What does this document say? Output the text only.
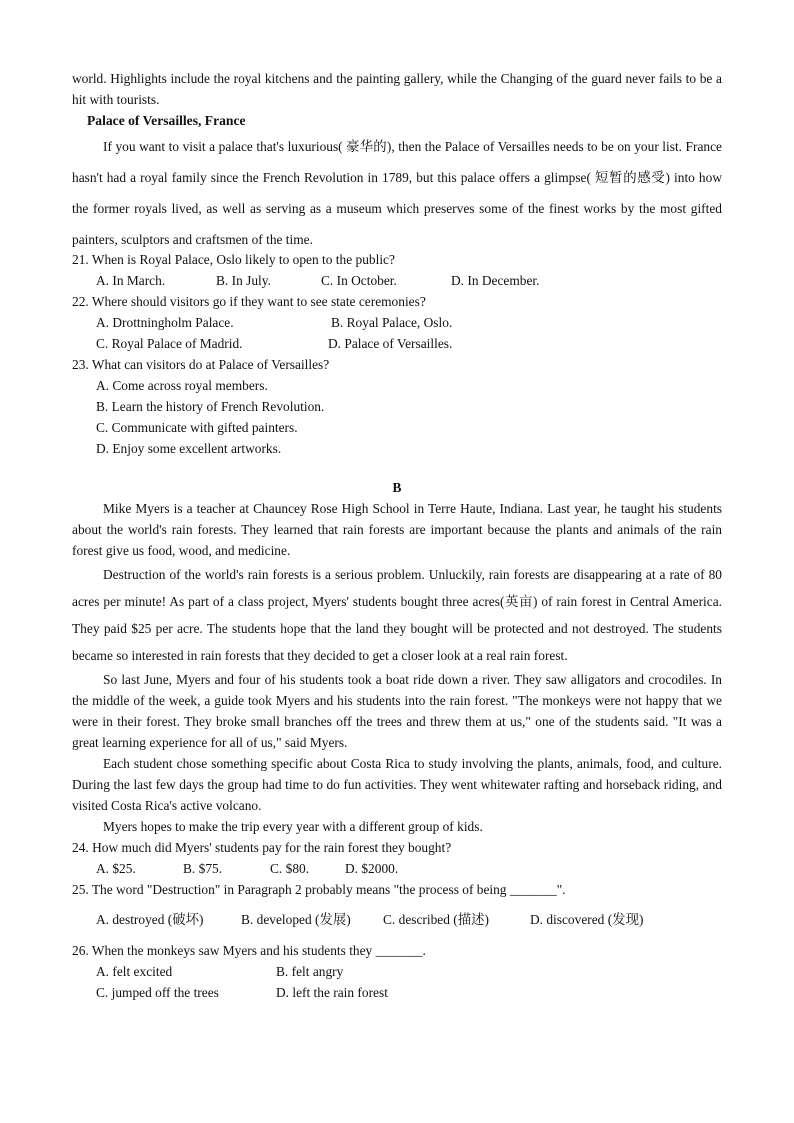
world. Highlights include the royal kitchens and the painting gallery, while the Changing of the guard never fails to be a hit with tourists.

Palace of Versailles, France

If you want to visit a palace that's luxurious( 豪华的), then the Palace of Versailles needs to be on your list. France hasn't had a royal family since the French Revolution in 1789, but this palace offers a glimpse( 短暂的感受) into how the former royals lived, as well as serving as a museum which preserves some of the finest works by the most gifted painters, sculptors and craftsmen of the time.

21. When is Royal Palace, Oslo likely to open to the public?

A. In March.	B. In July.	C. In October.	D. In December.

22. Where should visitors go if they want to see state ceremonies?

A. Drottningholm Palace.	B. Royal Palace, Oslo.
C. Royal Palace of Madrid.	D. Palace of Versailles.

23. What can visitors do at Palace of Versailles?

A. Come across royal members.

B. Learn the history of French Revolution.

C. Communicate with gifted painters.

D. Enjoy some excellent artworks.

B

Mike Myers is a teacher at Chauncey Rose High School in Terre Haute, Indiana. Last year, he taught his students about the world's rain forests. They learned that rain forests are important because the plants and animals of the rain forest give us food, wood, and medicine.

Destruction of the world's rain forests is a serious problem. Unluckily, rain forests are disappearing at a rate of 80 acres per minute! As part of a class project, Myers' students bought three acres(英亩) of rain forest in Central America. They paid $25 per acre. The students hope that the land they bought will be protected and not destroyed. The students became so interested in rain forests that they decided to get a closer look at a real rain forest.

So last June, Myers and four of his students took a boat ride down a river. They saw alligators and crocodiles. In the middle of the week, a guide took Myers and his students into the rain forest. "The monkeys were not happy that we were in their forest. They broke small branches off the trees and threw them at us," one of the students said. "It was a great learning experience for all of us," said Myers.

Each student chose something specific about Costa Rica to study involving the plants, animals, food, and culture. During the last few days the group had time to do fun activities. They went whitewater rafting and horseback riding, and visited Costa Rica's active volcano.

Myers hopes to make the trip every year with a different group of kids.

24. How much did Myers' students pay for the rain forest they bought?

A. $25.	B. $75.	C. $80.	D. $2000.

25. The word "Destruction" in Paragraph 2 probably means "the process of being _______".

A. destroyed (破坏)	B. developed (发展)	C. described (描述)	D. discovered (发现)

26. When the monkeys saw Myers and his students they _______.

A. felt excited	B. felt angry
C. jumped off the trees	D. left the rain forest
